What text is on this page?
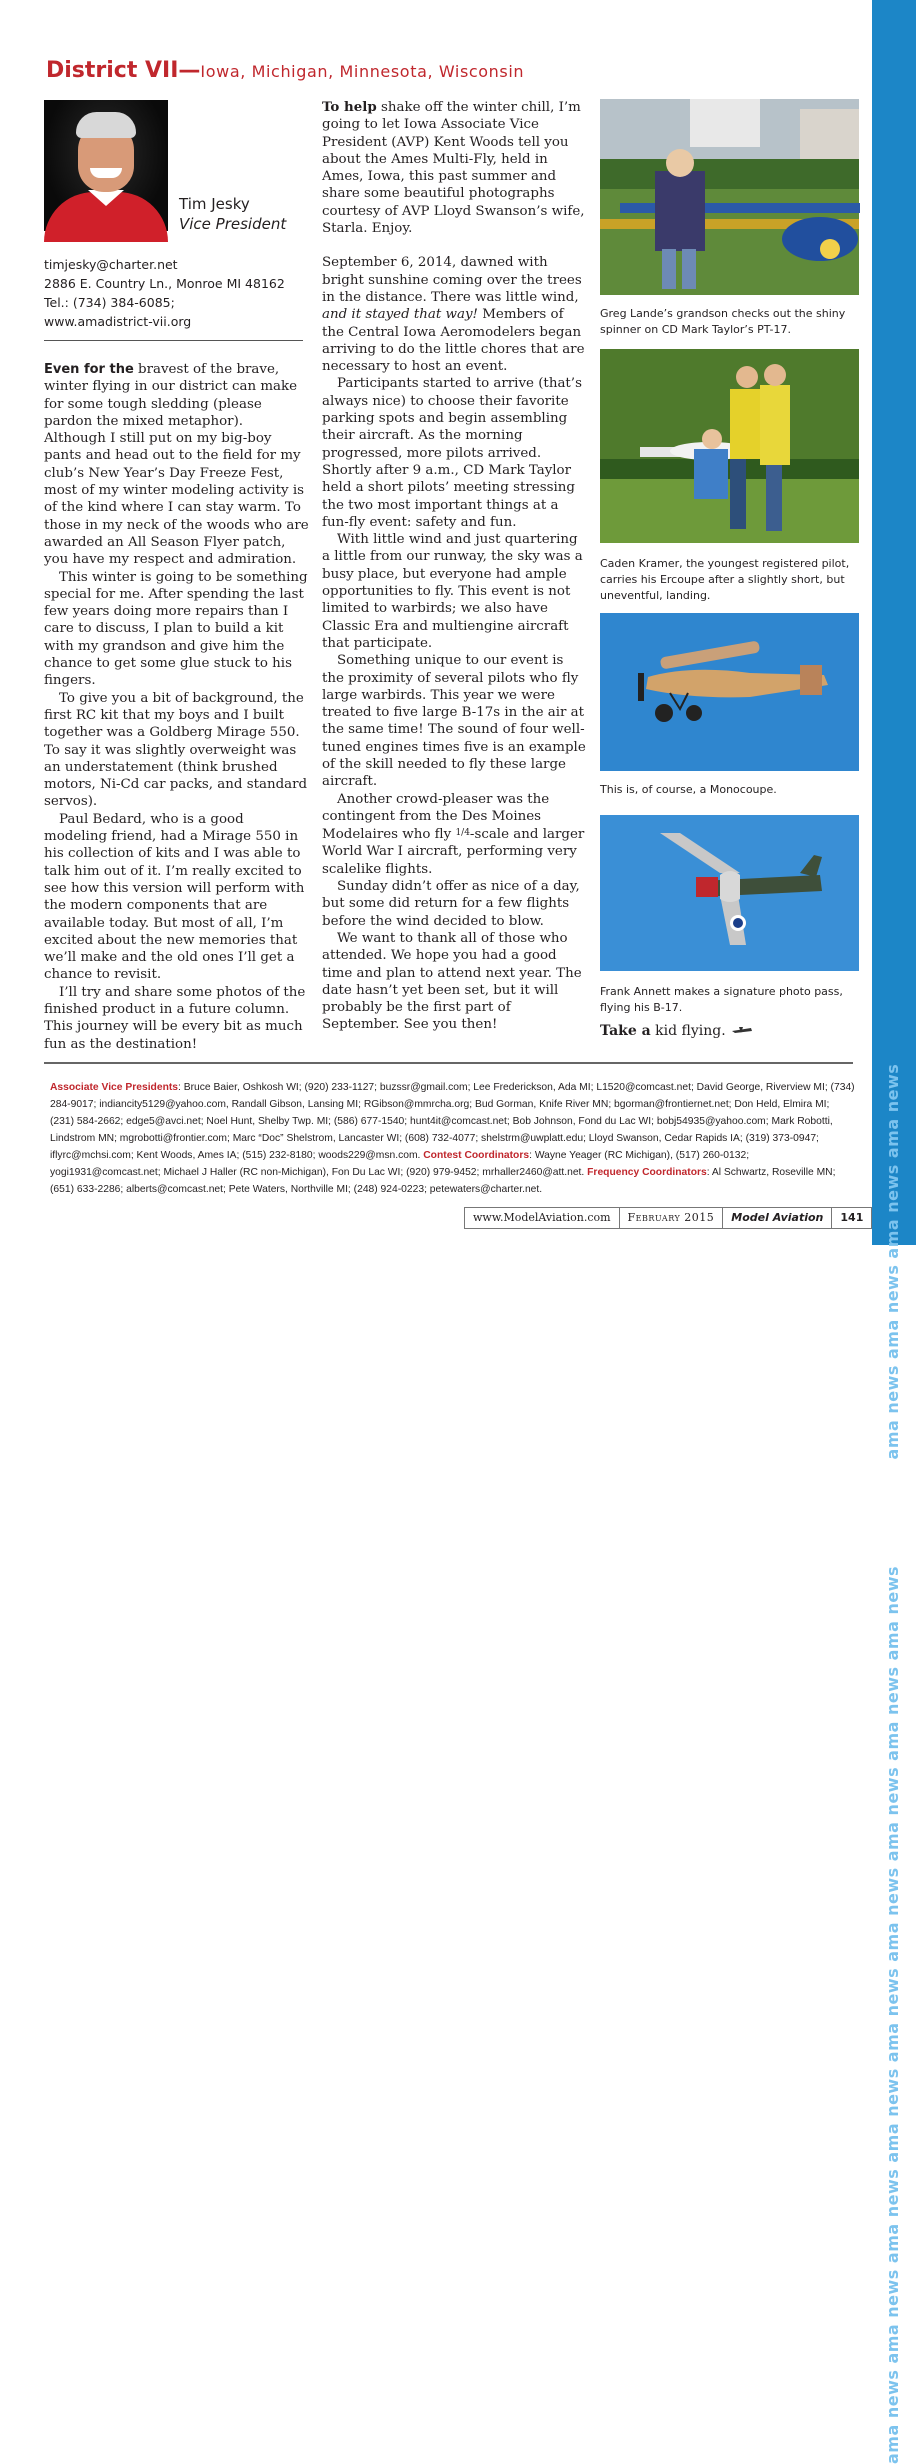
ama news ama news ama news ama news ama news ama news ama news ama news ama news ama news ama news ama news ama news ama news
District VII—Iowa, Michigan, Minnesota, Wisconsin
Tim Jesky
Vice President
timjesky@charter.net
2886 E. Country Ln., Monroe MI 48162
Tel.: (734) 384-6085;
www.amadistrict-vii.org

Even for the bravest of the brave, winter flying in our district can make for some tough sledding (please pardon the mixed metaphor). Although I still put on my big-boy pants and head out to the field for my club’s New Year’s Day Freeze Fest, most of my winter modeling activity is of the kind where I can stay warm. To those in my neck of the woods who are awarded an All Season Flyer patch, you have my respect and admiration.

This winter is going to be something special for me. After spending the last few years doing more repairs than I care to discuss, I plan to build a kit with my grandson and give him the chance to get some glue stuck to his fingers.

To give you a bit of background, the first RC kit that my boys and I built together was a Goldberg Mirage 550. To say it was slightly overweight was an understatement (think brushed motors, Ni-Cd car packs, and standard servos).

Paul Bedard, who is a good modeling friend, had a Mirage 550 in his collection of kits and I was able to talk him out of it. I’m really excited to see how this version will perform with the modern components that are available today. But most of all, I’m excited about the new memories that we’ll make and the old ones I’ll get a chance to revisit.

I’ll try and share some photos of the finished product in a future column. This journey will be every bit as much fun as the destination!

To help shake off the winter chill, I’m going to let Iowa Associate Vice President (AVP) Kent Woods tell you about the Ames Multi-Fly, held in Ames, Iowa, this past summer and share some beautiful photographs courtesy of AVP Lloyd Swanson’s wife, Starla. Enjoy.

September 6, 2014, dawned with bright sunshine coming over the trees in the distance. There was little wind, and it stayed that way! Members of the Central Iowa Aeromodelers began arriving to do the little chores that are necessary to host an event.

Participants started to arrive (that’s always nice) to choose their favorite parking spots and begin assembling their aircraft. As the morning progressed, more pilots arrived. Shortly after 9 a.m., CD Mark Taylor held a short pilots’ meeting stressing the two most important things at a fun-fly event: safety and fun.

With little wind and just quartering a little from our runway, the sky was a busy place, but everyone had ample opportunities to fly. This event is not limited to warbirds; we also have Classic Era and multiengine aircraft that participate.

Something unique to our event is the proximity of several pilots who fly large warbirds. This year we were treated to five large B-17s in the air at the same time! The sound of four well-tuned engines times five is an example of the skill needed to fly these large aircraft.

Another crowd-pleaser was the contingent from the Des Moines Modelaires who fly $^{1/4}$-scale and larger World War I aircraft, performing very scalelike flights.

Sunday didn’t offer as nice of a day, but some did return for a few flights before the wind decided to blow.

We want to thank all of those who attended. We hope you had a good time and plan to attend next year. The date hasn’t yet been set, but it will probably be the first part of September. See you then!

Greg Lande’s grandson checks out the shiny spinner on CD Mark Taylor’s PT-17.
Caden Kramer, the youngest registered pilot, carries his Ercoupe after a slightly short, but uneventful, landing.
This is, of course, a Monocoupe.
Frank Annett makes a signature photo pass, flying his B-17.
Take a kid flying.
Associate Vice Presidents: Bruce Baier, Oshkosh WI; (920) 233-1127; buzssr@gmail.com; Lee Frederickson, Ada MI; L1520@comcast.net; David George, Riverview MI; (734) 284-9017; indiancity5129@yahoo.com, Randall Gibson, Lansing MI; RGibson@mmrcha.org; Bud Gorman, Knife River MN; bgorman@frontiernet.net; Don Held, Elmira MI; (231) 584-2662; edge5@avci.net; Noel Hunt, Shelby Twp. MI; (586) 677-1540; hunt4it@comcast.net; Bob Johnson, Fond du Lac WI; bobj54935@yahoo.com; Mark Robotti, Lindstrom MN; mgrobotti@frontier.com; Marc “Doc” Shelstrom, Lancaster WI; (608) 732-4077; shelstrm@uwplatt.edu; Lloyd Swanson, Cedar Rapids IA; (319) 373-0947; iflyrc@mchsi.com; Kent Woods, Ames IA; (515) 232-8180; woods229@msn.com. Contest Coordinators: Wayne Yeager (RC Michigan), (517) 260-0132; yogi1931@comcast.net; Michael J Haller (RC non-Michigan), Fon Du Lac WI; (920) 979-9452; mrhaller2460@att.net. Frequency Coordinators: Al Schwartz, Roseville MN; (651) 633-2286; alberts@comcast.net; Pete Waters, Northville MI; (248) 924-0223; petewaters@charter.net.
www.ModelAviation.com	February 2015	Model Aviation	141
